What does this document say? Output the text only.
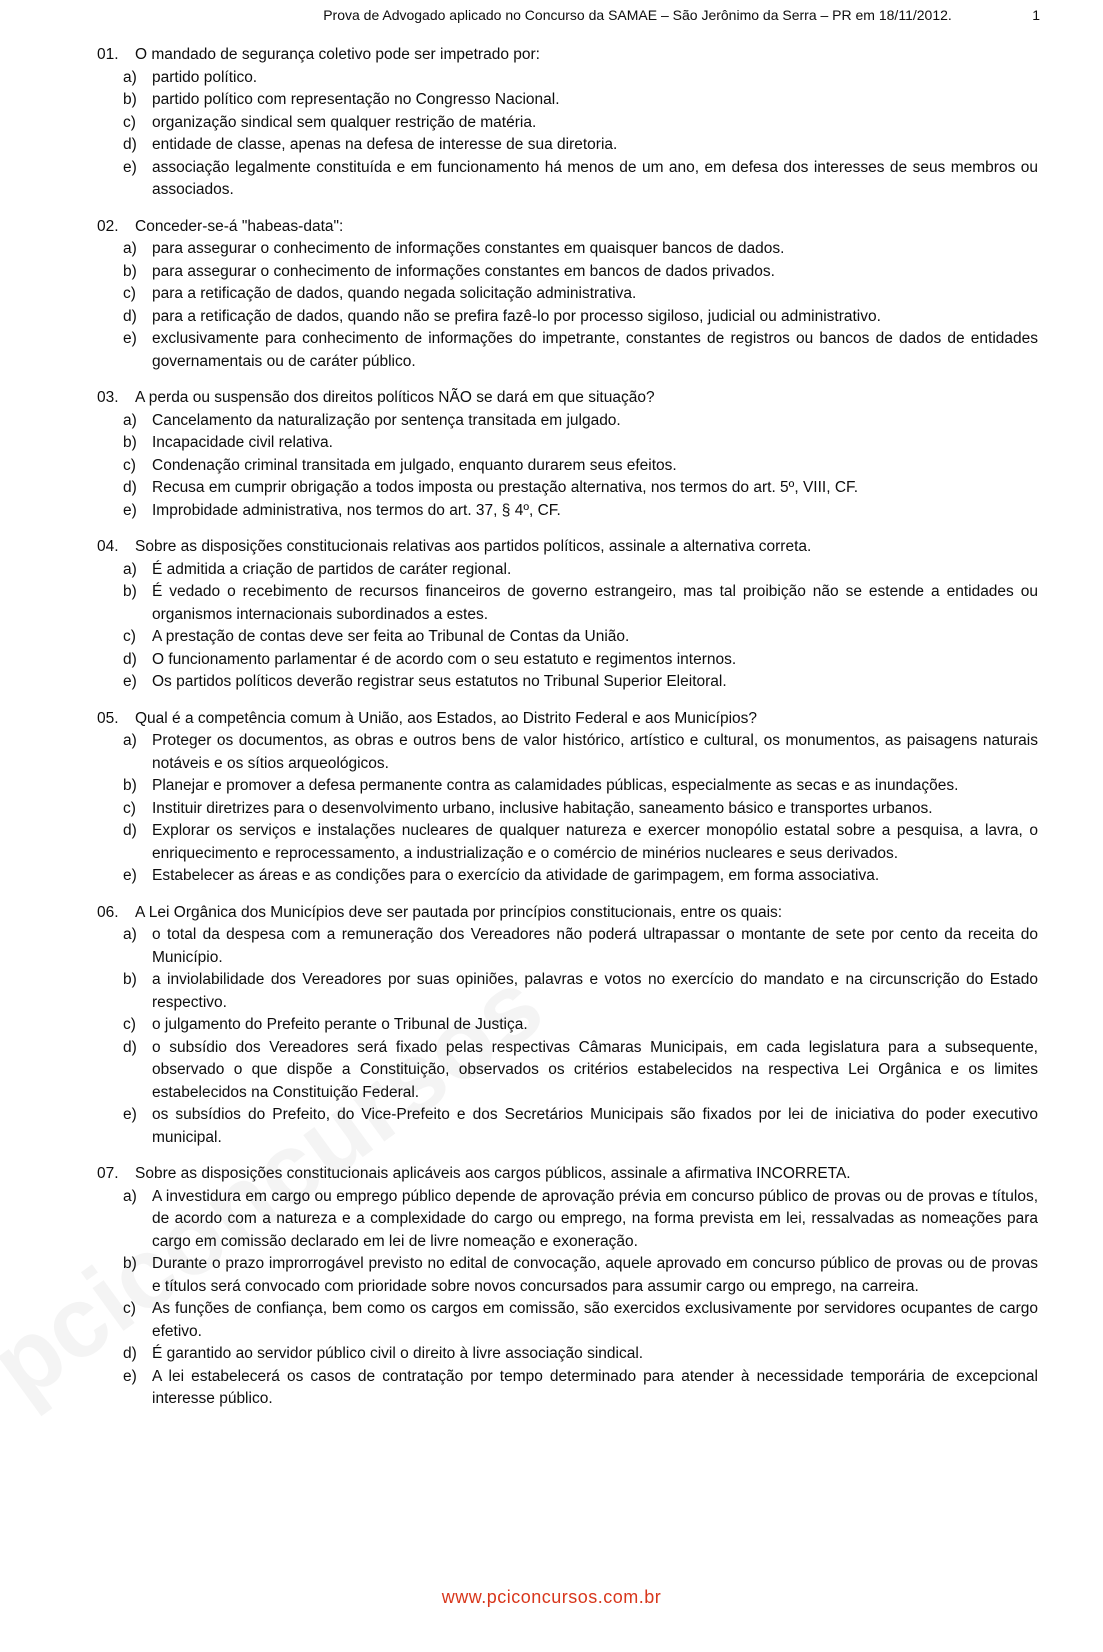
Prova de Advogado aplicado no Concurso da SAMAE – São Jerônimo da Serra – PR em 18/11/2012.	1
01.	O mandado de segurança coletivo pode ser impetrado por:
a) partido político.
b) partido político com representação no Congresso Nacional.
c)	organização sindical sem qualquer restrição de matéria.
d) entidade de classe, apenas na defesa de interesse de sua diretoria.
e) associação legalmente constituída e em funcionamento há menos de um ano, em defesa dos interesses de seus membros ou associados.
02.	Conceder-se-á "habeas-data":
a) para assegurar o conhecimento de informações constantes em quaisquer bancos de dados.
b) para assegurar o conhecimento de informações constantes em bancos de dados privados.
c)	para a retificação de dados, quando negada solicitação administrativa.
d) para a retificação de dados, quando não se prefira fazê-lo por processo sigiloso, judicial ou administrativo.
e) exclusivamente para conhecimento de informações do impetrante, constantes de registros ou bancos de dados de entidades governamentais ou de caráter público.
03.	A perda ou suspensão dos direitos políticos NÃO se dará em que situação?
a) Cancelamento da naturalização por sentença transitada em julgado.
b) Incapacidade civil relativa.
c)	Condenação criminal transitada em julgado, enquanto durarem seus efeitos.
d) Recusa em cumprir obrigação a todos imposta ou prestação alternativa, nos termos do art. 5º, VIII, CF.
e) Improbidade administrativa, nos termos do art. 37, § 4º, CF.
04.	Sobre as disposições constitucionais relativas aos partidos políticos, assinale a alternativa correta.
a) É admitida a criação de partidos de caráter regional.
b) É vedado o recebimento de recursos financeiros de governo estrangeiro, mas tal proibição não se estende a entidades ou organismos internacionais subordinados a estes.
c)	A prestação de contas deve ser feita ao Tribunal de Contas da União.
d) O funcionamento parlamentar é de acordo com o seu estatuto e regimentos internos.
e) Os partidos políticos deverão registrar seus estatutos no Tribunal Superior Eleitoral.
05.	Qual é a competência comum à União, aos Estados, ao Distrito Federal e aos Municípios?
a) Proteger os documentos, as obras e outros bens de valor histórico, artístico e cultural, os monumentos, as paisagens naturais notáveis e os sítios arqueológicos.
b) Planejar e promover a defesa permanente contra as calamidades públicas, especialmente as secas e as inundações.
c)	Instituir diretrizes para o desenvolvimento urbano, inclusive habitação, saneamento básico e transportes urbanos.
d) Explorar os serviços e instalações nucleares de qualquer natureza e exercer monopólio estatal sobre a pesquisa, a lavra, o enriquecimento e reprocessamento, a industrialização e o comércio de minérios nucleares e seus derivados.
e) Estabelecer as áreas e as condições para o exercício da atividade de garimpagem, em forma associativa.
06.	A Lei Orgânica dos Municípios deve ser pautada por princípios constitucionais, entre os quais:
a) o total da despesa com a remuneração dos Vereadores não poderá ultrapassar o montante de sete por cento da receita do Município.
b) a inviolabilidade dos Vereadores por suas opiniões, palavras e votos no exercício do mandato e na circunscrição do Estado respectivo.
c)	o julgamento do Prefeito perante o Tribunal de Justiça.
d) o subsídio dos Vereadores será fixado pelas respectivas Câmaras Municipais, em cada legislatura para a subsequente, observado o que dispõe a Constituição, observados os critérios estabelecidos na respectiva Lei Orgânica e os limites estabelecidos na Constituição Federal.
e) os subsídios do Prefeito, do Vice-Prefeito e dos Secretários Municipais são fixados por lei de iniciativa do poder executivo municipal.
07.	Sobre as disposições constitucionais aplicáveis aos cargos públicos, assinale a afirmativa INCORRETA.
a) A investidura em cargo ou emprego público depende de aprovação prévia em concurso público de provas ou de provas e títulos, de acordo com a natureza e a complexidade do cargo ou emprego, na forma prevista em lei, ressalvadas as nomeações para cargo em comissão declarado em lei de livre nomeação e exoneração.
b) Durante o prazo improrrogável previsto no edital de convocação, aquele aprovado em concurso público de provas ou de provas e títulos será convocado com prioridade sobre novos concursados para assumir cargo ou emprego, na carreira.
c)	As funções de confiança, bem como os cargos em comissão, são exercidos exclusivamente por servidores ocupantes de cargo efetivo.
d) É garantido ao servidor público civil o direito à livre associação sindical.
e) A lei estabelecerá os casos de contratação por tempo determinado para atender à necessidade temporária de excepcional interesse público.
www.pciconcursos.com.br
